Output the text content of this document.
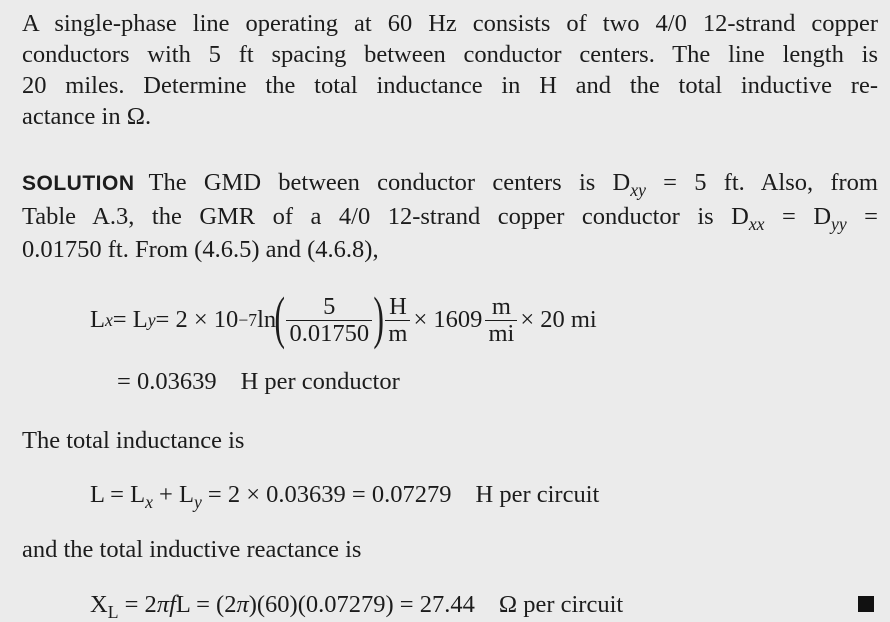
A single-phase line operating at 60 Hz consists of two 4/0 12-strand copper
conductors with 5 ft spacing between conductor centers. The line length is
20 miles. Determine the total inductance in H and the total inductive re-
actance in Ω.
SOLUTION The GMD between conductor centers is $D_{xy} = 5$ ft. Also, from
Table A.3, the GMR of a 4/0 12-strand copper conductor is $D_{xx} = D_{yy}$ =
0.01750 ft. From (4.6.5) and (4.6.8),
L x = L y = 2 × 10 −7 ln
( $\frac{5}{0.01750}$ ) $\frac{H}{m} \times 1609 \frac{m}{mi} \times 20$ mi
= 0.03639 H per conductor
The total inductance is
$L = L_x + L_y = 2 \times 0.03639 = 0.07279$ H per circuit
and the total inductive reactance is
$X_L = 2\pi fL = (2\pi)(60)(0.07279) = 27.44$ Ω per circuit
